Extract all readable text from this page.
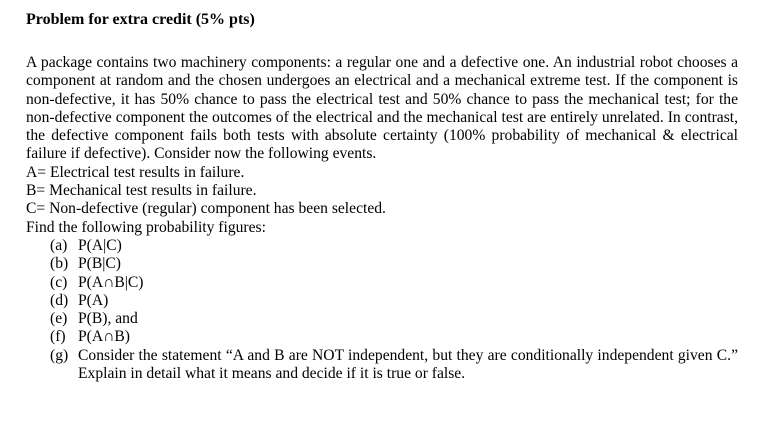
Problem for extra credit (5% pts)

A package contains two machinery components: a regular one and a defective one. An industrial robot chooses a component at random and the chosen undergoes an electrical and a mechanical extreme test. If the component is non-defective, it has 50% chance to pass the electrical test and 50% chance to pass the mechanical test; for the non-defective component the outcomes of the electrical and the mechanical test are entirely unrelated. In contrast, the defective component fails both tests with absolute certainty (100% probability of mechanical & electrical failure if defective). Consider now the following events.

A= Electrical test results in failure.

B= Mechanical test results in failure.

C= Non-defective (regular) component has been selected.

Find the following probability figures:

(a) P(A|C)
(b) P(B|C)
(c) P(A∩B|C)
(d) P(A)
(e) P(B), and
(f) P(A∩B)
(g) Consider the statement “A and B are NOT independent, but they are conditionally independent given C.” Explain in detail what it means and decide if it is true or false.
